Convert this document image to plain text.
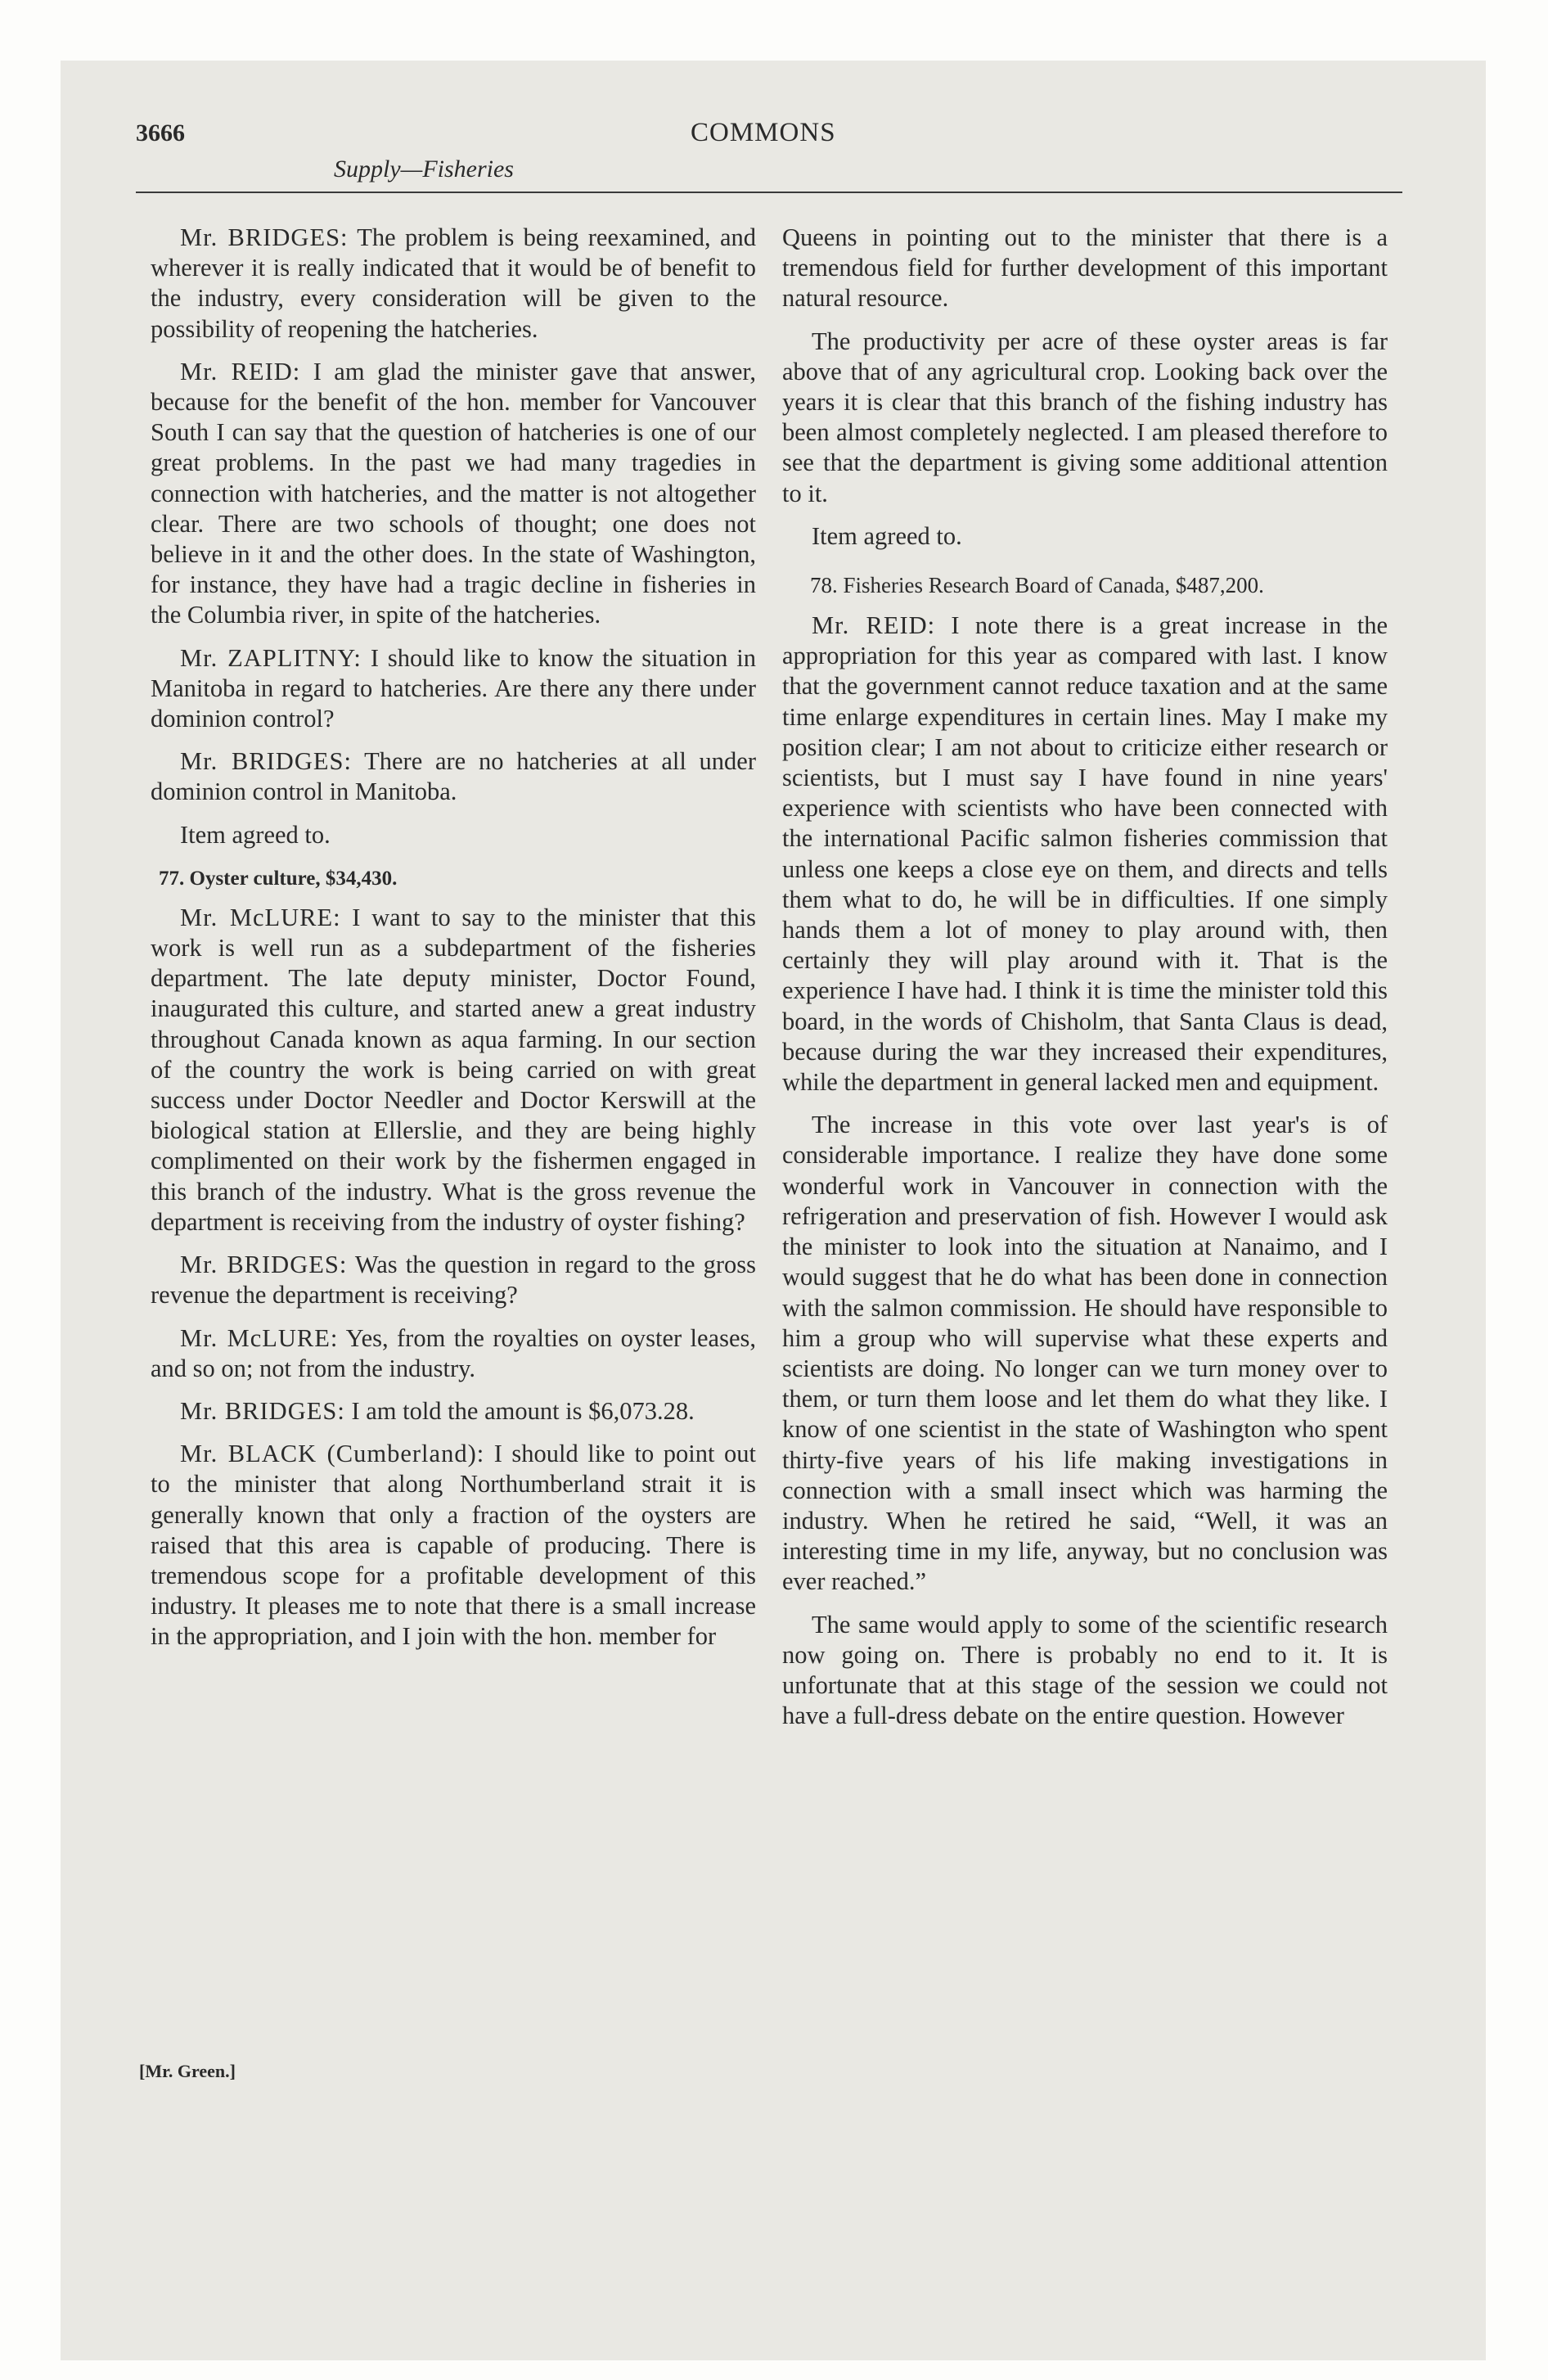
3666	COMMONS
Supply—Fisheries

Mr. BRIDGES: The problem is being reexamined, and wherever it is really indicated that it would be of benefit to the industry, every consideration will be given to the possibility of reopening the hatcheries.

Mr. REID: I am glad the minister gave that answer, because for the benefit of the hon. member for Vancouver South I can say that the question of hatcheries is one of our great problems. In the past we had many tragedies in connection with hatcheries, and the matter is not altogether clear. There are two schools of thought; one does not believe in it and the other does. In the state of Washington, for instance, they have had a tragic decline in fisheries in the Columbia river, in spite of the hatcheries.

Mr. ZAPLITNY: I should like to know the situation in Manitoba in regard to hatcheries. Are there any there under dominion control?

Mr. BRIDGES: There are no hatcheries at all under dominion control in Manitoba.

Item agreed to.

77. Oyster culture, $34,430.

Mr. McLURE: I want to say to the minister that this work is well run as a subdepartment of the fisheries department. The late deputy minister, Doctor Found, inaugurated this culture, and started anew a great industry throughout Canada known as aqua farming. In our section of the country the work is being carried on with great success under Doctor Needler and Doctor Kerswill at the biological station at Ellerslie, and they are being highly complimented on their work by the fishermen engaged in this branch of the industry. What is the gross revenue the department is receiving from the industry of oyster fishing?

Mr. BRIDGES: Was the question in regard to the gross revenue the department is receiving?

Mr. McLURE: Yes, from the royalties on oyster leases, and so on; not from the industry.

Mr. BRIDGES: I am told the amount is $6,073.28.

Mr. BLACK (Cumberland): I should like to point out to the minister that along Northumberland strait it is generally known that only a fraction of the oysters are raised that this area is capable of producing. There is tremendous scope for a profitable development of this industry. It pleases me to note that there is a small increase in the appropriation, and I join with the hon. member for

Queens in pointing out to the minister that there is a tremendous field for further development of this important natural resource.

The productivity per acre of these oyster areas is far above that of any agricultural crop. Looking back over the years it is clear that this branch of the fishing industry has been almost completely neglected. I am pleased therefore to see that the department is giving some additional attention to it.

Item agreed to.

78. Fisheries Research Board of Canada, $487,200.

Mr. REID: I note there is a great increase in the appropriation for this year as compared with last. I know that the government cannot reduce taxation and at the same time enlarge expenditures in certain lines. May I make my position clear; I am not about to criticize either research or scientists, but I must say I have found in nine years' experience with scientists who have been connected with the international Pacific salmon fisheries commission that unless one keeps a close eye on them, and directs and tells them what to do, he will be in difficulties. If one simply hands them a lot of money to play around with, then certainly they will play around with it. That is the experience I have had. I think it is time the minister told this board, in the words of Chisholm, that Santa Claus is dead, because during the war they increased their expenditures, while the department in general lacked men and equipment.

The increase in this vote over last year's is of considerable importance. I realize they have done some wonderful work in Vancouver in connection with the refrigeration and preservation of fish. However I would ask the minister to look into the situation at Nanaimo, and I would suggest that he do what has been done in connection with the salmon commission. He should have responsible to him a group who will supervise what these experts and scientists are doing. No longer can we turn money over to them, or turn them loose and let them do what they like. I know of one scientist in the state of Washington who spent thirty-five years of his life making investigations in connection with a small insect which was harming the industry. When he retired he said, “Well, it was an interesting time in my life, anyway, but no conclusion was ever reached.”

The same would apply to some of the scientific research now going on. There is probably no end to it. It is unfortunate that at this stage of the session we could not have a full-dress debate on the entire question. However

[Mr. Green.]
